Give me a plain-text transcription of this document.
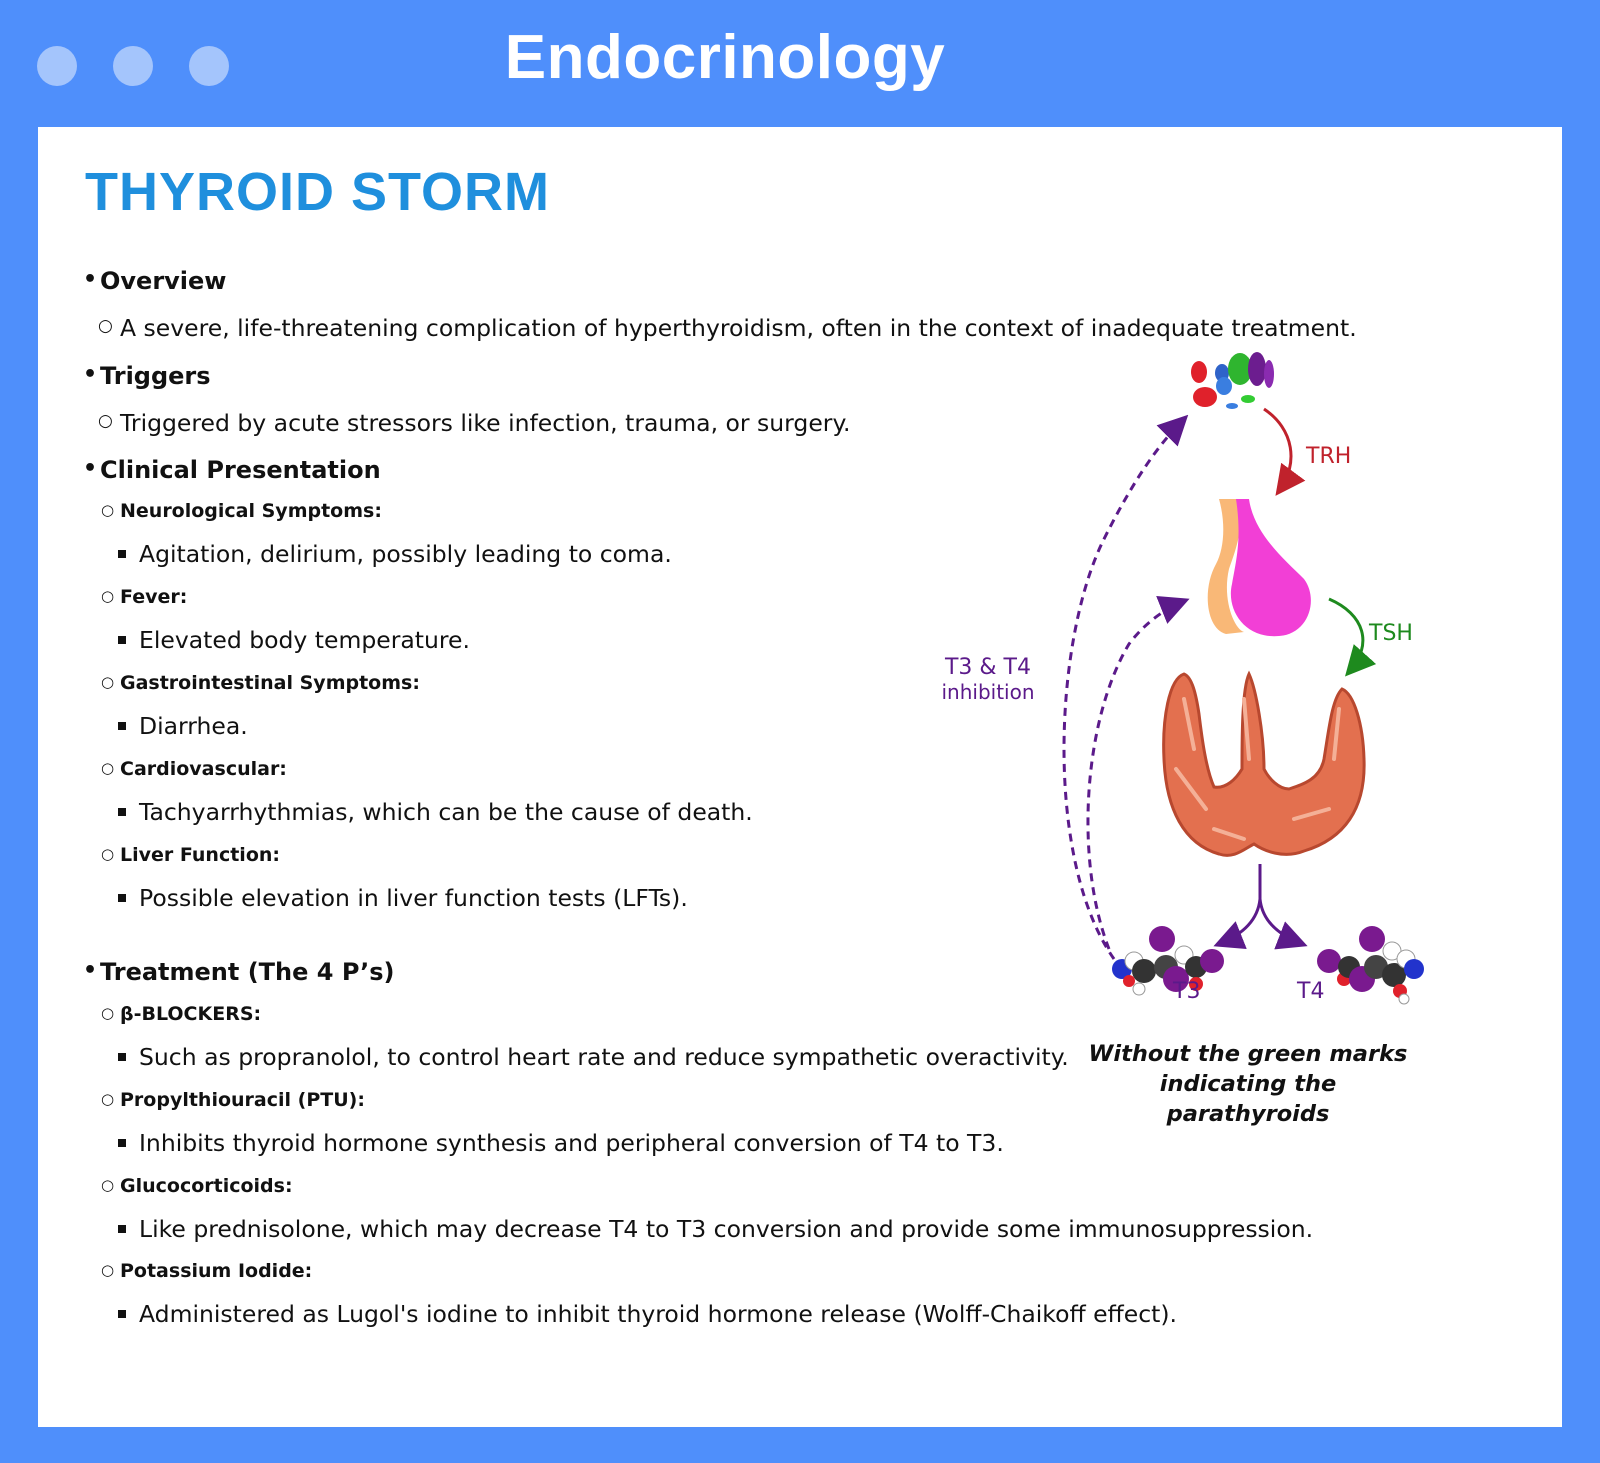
Endocrinology
THYROID STORM
• Overview
○ A severe, life-threatening complication of hyperthyroidism, often in the context of inadequate treatment.
• Triggers
○ Triggered by acute stressors like infection, trauma, or surgery.
• Clinical Presentation
○ Neurological Symptoms:
Agitation, delirium, possibly leading to coma.
○ Fever:
Elevated body temperature.
○ Gastrointestinal Symptoms:
Diarrhea.
○ Cardiovascular:
Tachyarrhythmias, which can be the cause of death.
○ Liver Function:
Possible elevation in liver function tests (LFTs).
• Treatment (The 4 P’s)
○ β-BLOCKERS:
Such as propranolol, to control heart rate and reduce sympathetic overactivity.
○ Propylthiouracil (PTU):
Inhibits thyroid hormone synthesis and peripheral conversion of T4 to T3.
○ Glucocorticoids:
Like prednisolone, which may decrease T4 to T3 conversion and provide some immunosuppression.
○ Potassium Iodide:
Administered as Lugol's iodine to inhibit thyroid hormone release (Wolff-Chaikoff effect).
TRH
TSH
T3 & T4
inhibition
T3	T4
Without the green marks
indicating the parathyroids
